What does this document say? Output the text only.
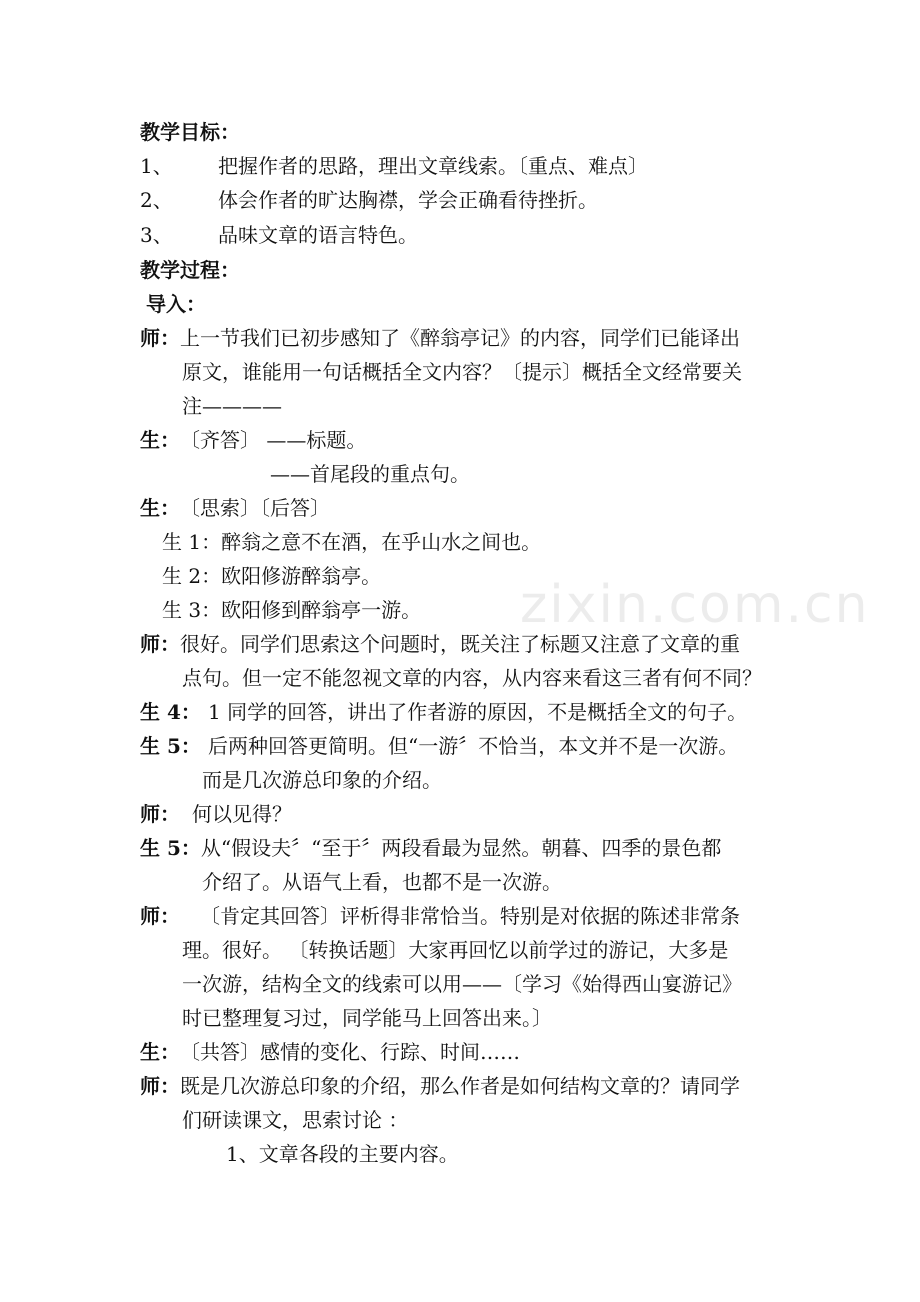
zixin.com.cn
教学目标：
1、 把握作者的思路，理出文章线索。〔重点、难点〕
2、 体会作者的旷达胸襟，学会正确看待挫折。
3、 品味文章的语言特色。
教学过程：
导入：
师：上一节我们已初步感知了《醉翁亭记》的内容，同学们已能译出
原文，谁能用一句话概括全文内容？〔提示〕概括全文经常要关
注————
生：〔齐答〕 ——标题。
——首尾段的重点句。
生：〔思索〕〔后答〕
生 1：醉翁之意不在酒，在乎山水之间也。
生 2：欧阳修游醉翁亭。
生 3：欧阳修到醉翁亭一游。
师：很好。同学们思索这个问题时，既关注了标题又注意了文章的重
点句。但一定不能忽视文章的内容，从内容来看这三者有何不同？
生 4： 1 同学的回答，讲出了作者游的原因，不是概括全文的句子。
生 5： 后两种回答更简明。但“一游〞不恰当，本文并不是一次游。
而是几次游总印象的介绍。
师： 何以见得？
生 5：从“假设夫〞“至于〞两段看最为显然。朝暮、四季的景色都
介绍了。从语气上看，也都不是一次游。
师： 〔肯定其回答〕评析得非常恰当。特别是对依据的陈述非常条
理。很好。 〔转换话题〕大家再回忆以前学过的游记，大多是
一次游，结构全文的线索可以用——〔学习《始得西山宴游记》
时已整理复习过，同学能马上回答出来。〕
生：〔共答〕感情的变化、行踪、时间……
师：既是几次游总印象的介绍，那么作者是如何结构文章的？请同学
们研读课文，思索讨论 ：
1、文章各段的主要内容。
